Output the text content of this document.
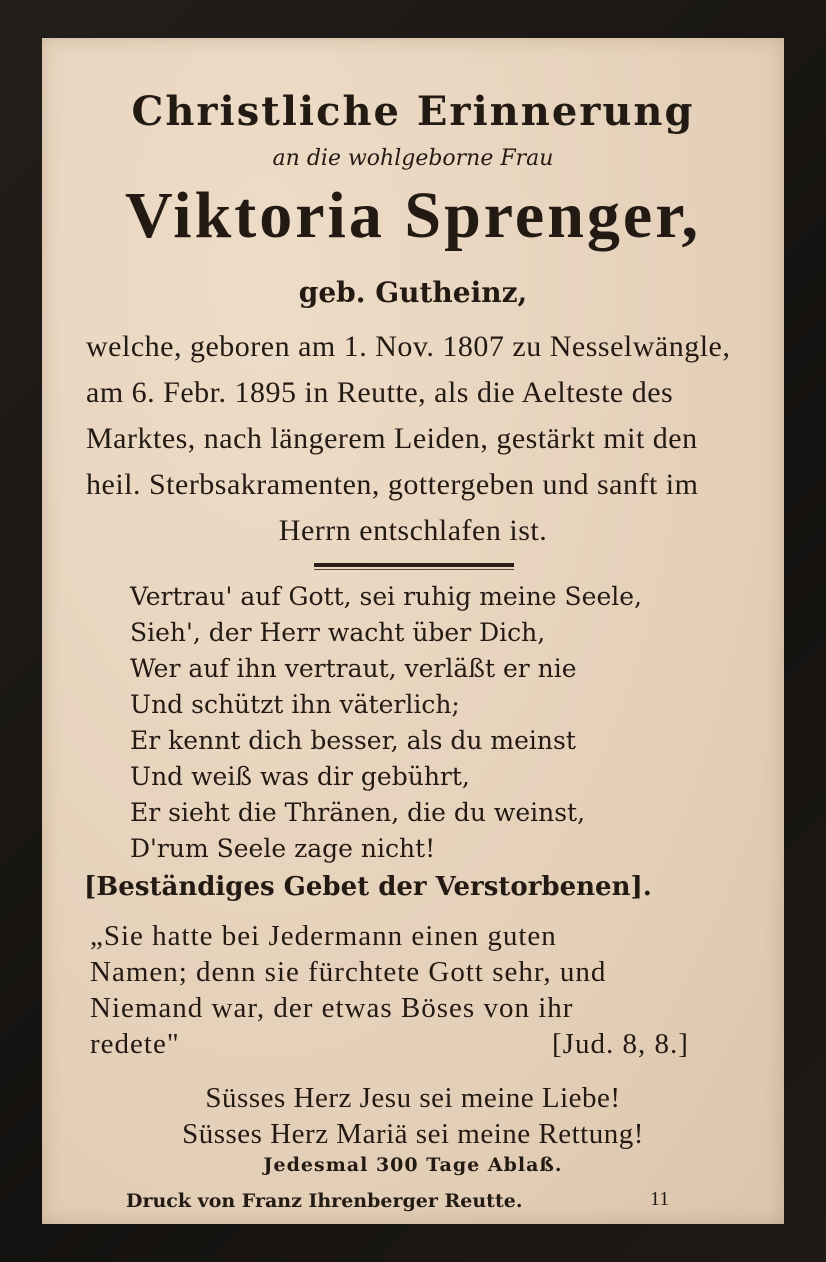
Christliche Erinnerung
an die wohlgeborne Frau
Viktoria Sprenger,
geb. Gutheinz,
welche, geboren am 1. Nov. 1807 zu Nesselwängle,
am 6. Febr. 1895 in Reutte, als die Aelteste des
Marktes, nach längerem Leiden, gestärkt mit den
heil. Sterbsakramenten, gottergeben und sanft im
Herrn entschlafen ist.
Vertrau' auf Gott, sei ruhig meine Seele,
Sieh', der Herr wacht über Dich,
Wer auf ihn vertraut, verläßt er nie
Und schützt ihn väterlich;
Er kennt dich besser, als du meinst
Und weiß was dir gebührt,
Er sieht die Thränen, die du weinst,
D'rum Seele zage nicht!
[Beständiges Gebet der Verstorbenen].
„Sie hatte bei Jedermann einen guten
Namen; denn sie fürchtete Gott sehr, und
Niemand war, der etwas Böses von ihr
redete"	[Jud. 8, 8.]
Süsses Herz Jesu sei meine Liebe!
Süsses Herz Mariä sei meine Rettung!
Jedesmal 300 Tage Ablaß.
Druck von Franz Ihrenberger Reutte.	11
